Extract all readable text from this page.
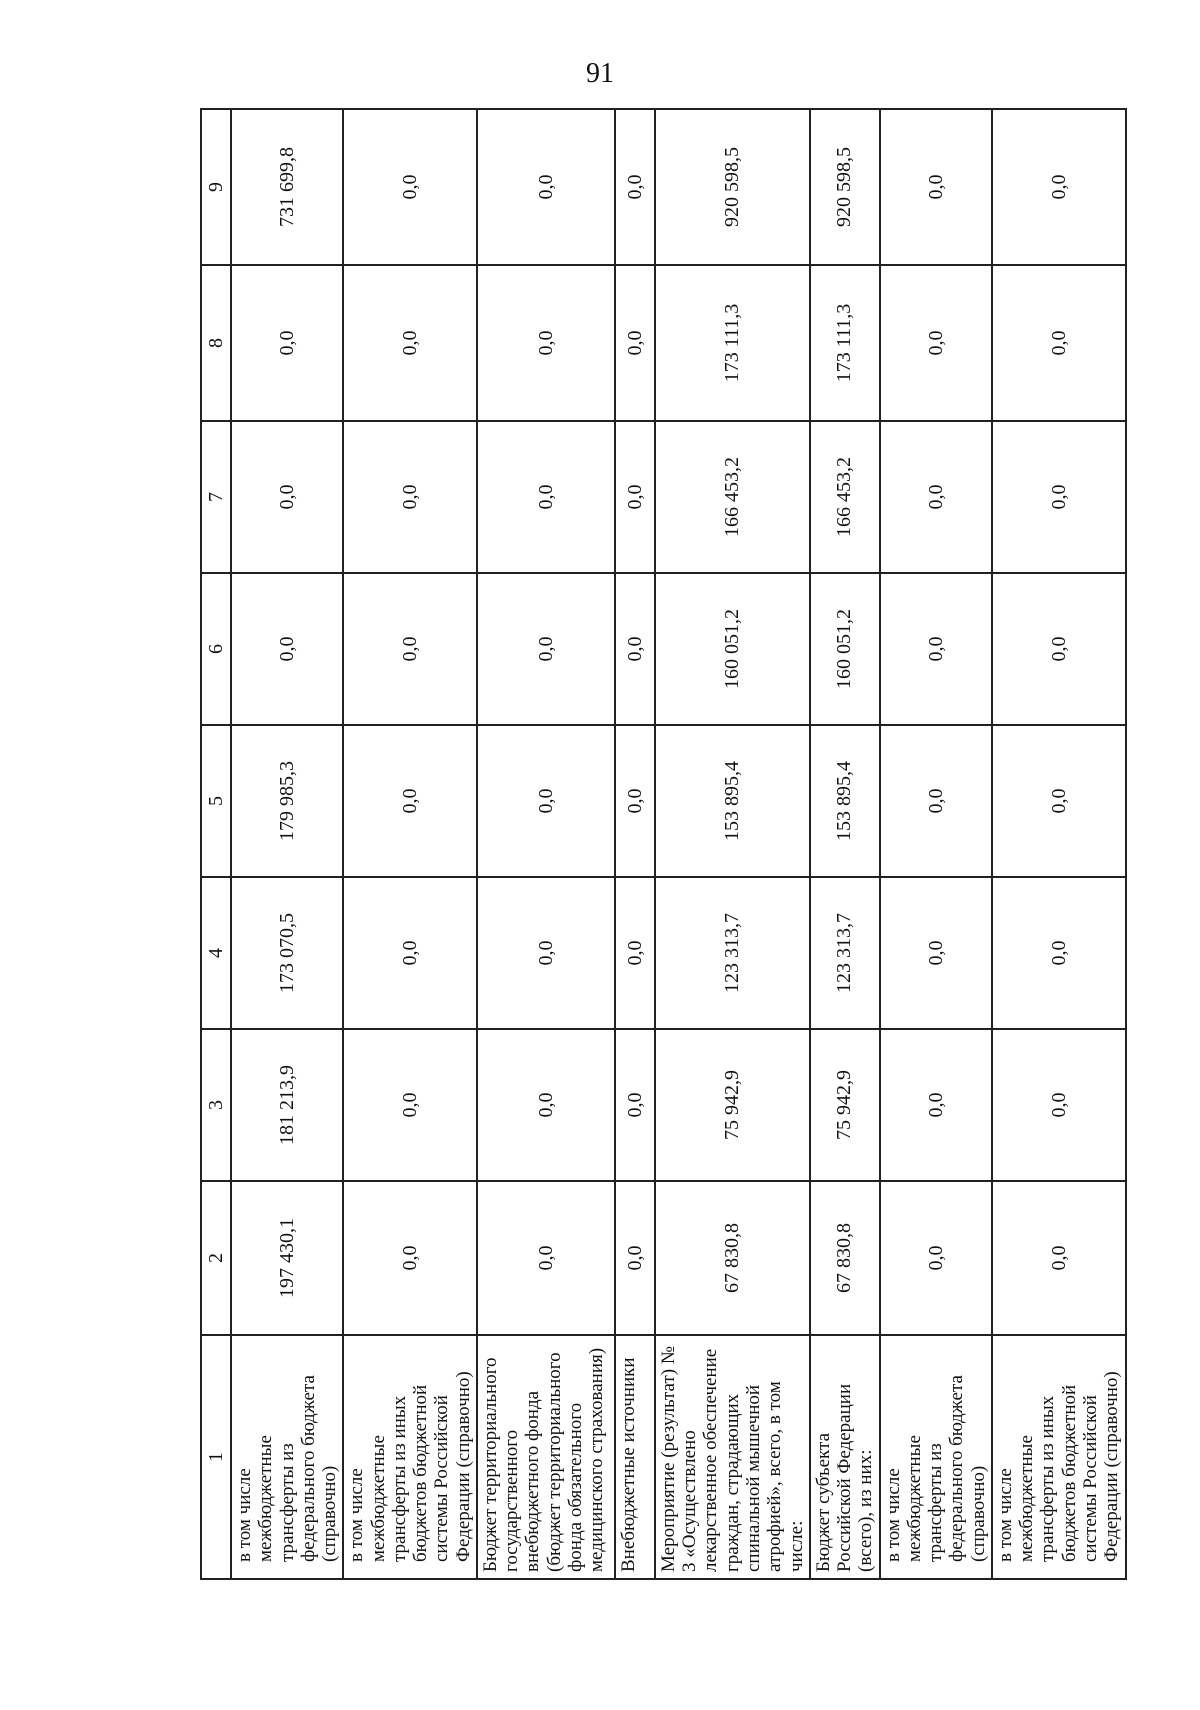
91
1	2	3	4	5	6	7	8	9
в том числе межбюджетные трансферты из федерального бюджета (справочно)	197 430,1	181 213,9	173 070,5	179 985,3	0,0	0,0	0,0	731 699,8
в том числе межбюджетные трансферты из иных бюджетов бюджетной системы Российской Федерации (справочно)	0,0	0,0	0,0	0,0	0,0	0,0	0,0	0,0
Бюджет территориального государственного внебюджетного фонда (бюджет территориального фонда обязательного медицинского страхования)	0,0	0,0	0,0	0,0	0,0	0,0	0,0	0,0
Внебюджетные источники	0,0	0,0	0,0	0,0	0,0	0,0	0,0	0,0
Мероприятие (результат) № 3 «Осуществлено лекарственное обеспечение граждан, страдающих спинальной мышечной атрофией», всего, в том числе:	67 830,8	75 942,9	123 313,7	153 895,4	160 051,2	166 453,2	173 111,3	920 598,5
Бюджет субъекта Российской Федерации (всего), из них:	67 830,8	75 942,9	123 313,7	153 895,4	160 051,2	166 453,2	173 111,3	920 598,5
в том числе межбюджетные трансферты из федерального бюджета (справочно)	0,0	0,0	0,0	0,0	0,0	0,0	0,0	0,0
в том числе межбюджетные трансферты из иных бюджетов бюджетной системы Российской Федерации (справочно)	0,0	0,0	0,0	0,0	0,0	0,0	0,0	0,0
